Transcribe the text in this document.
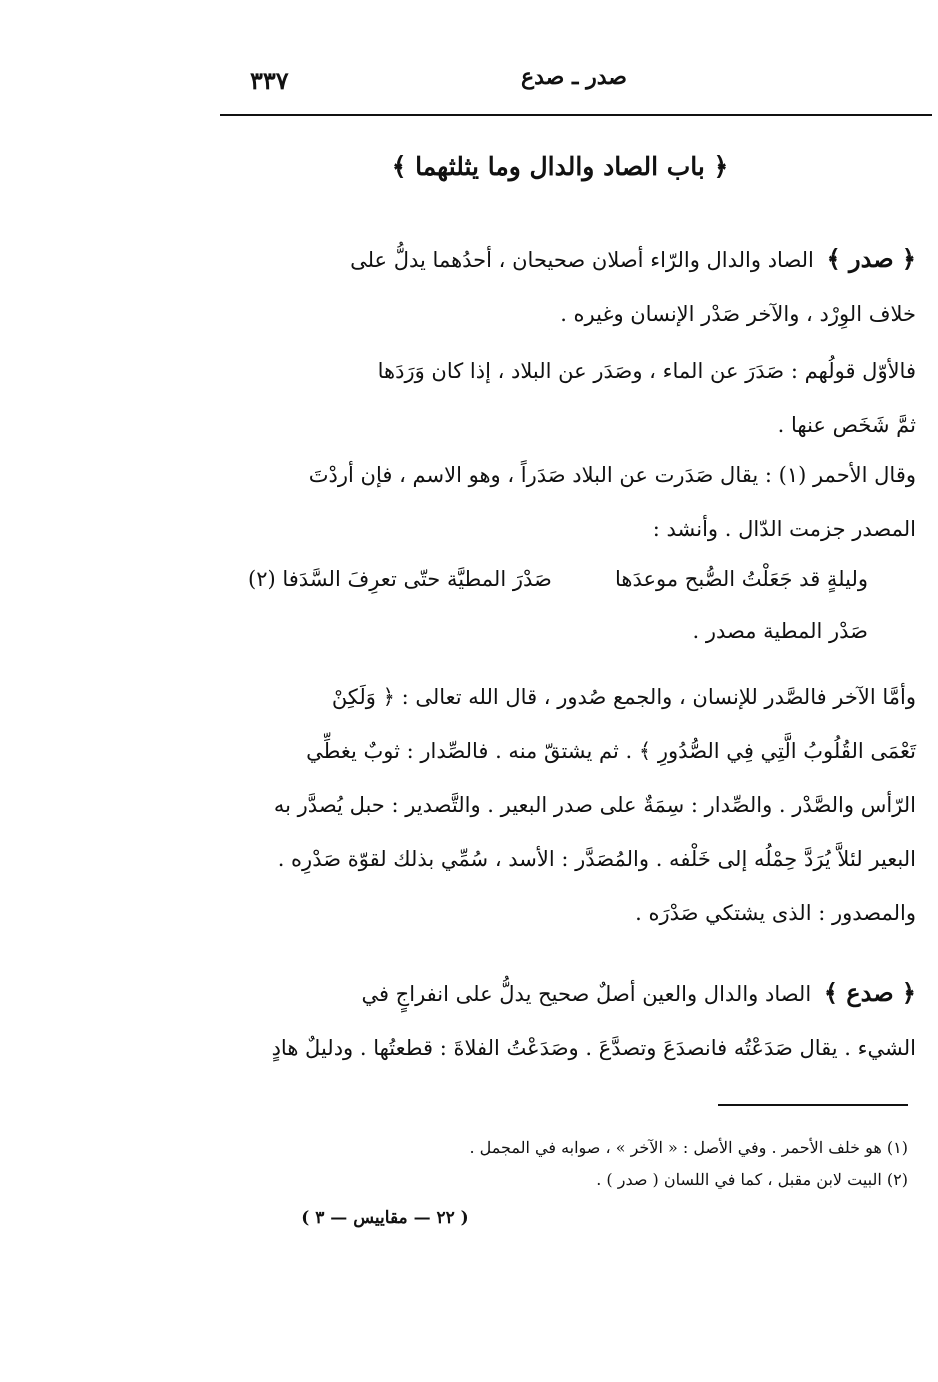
صدر ـ صدع
٣٣٧
﴿ باب الصاد والدال وما يثلثهما ﴾

﴿ صدر ﴾ الصاد والدال والرّاء أصلان صحيحان ، أحدُهما يدلُّ على

خلاف الوِرْد ، والآخر صَدْر الإنسان وغيره .

فالأوّل قولُهم : صَدَرَ عن الماء ، وصَدَر عن البلاد ، إذا كان وَرَدَها

ثمَّ شَخَص عنها .

وقال الأحمر (١) : يقال صَدَرت عن البلاد صَدَراً ، وهو الاسم ، فإن أردْتَ

المصدر جزمت الدّال . وأنشد :

وليلةٍ قد جَعَلْتُ الصُّبح موعدَها
صَدْرَ المطيَّة حتّى تعرِفَ السَّدَفا (٢)

صَدْر المطية مصدر .

وأمَّا الآخر فالصَّدر للإنسان ، والجمع صُدور ، قال الله تعالى : ﴿ وَلَكِنْ

تَعْمَى القُلُوبُ الَّتِي فِي الصُّدُورِ ﴾ . ثم يشتقّ منه . فالصِّدار : ثوبٌ يغطِّي

الرّأس والصَّدْر . والصِّدار : سِمَةٌ على صدر البعير . والتَّصدير : حبل يُصدَّر به

البعير لئلاَّ يُرَدَّ حِمْلُه إلى خَلْفه . والمُصَدَّر : الأسد ، سُمِّي بذلك لقوّة صَدْرِه .

والمصدور : الذى يشتكي صَدْرَه .

﴿ صدع ﴾ الصاد والدال والعين أصلٌ صحيح يدلُّ على انفراجٍ في

الشيء . يقال صَدَعْتُه فانصدَعَ وتصدَّعَ . وصَدَعْتُ الفلاةَ : قطعتُها . ودليلٌ هادٍ

(١) هو خلف الأحمر . وفي الأصل : « الآخر » ، صوابه في المجمل .
(٢) البيت لابن مقبل ، كما في اللسان ( صدر ) .
( ٢٢ — مقاييس — ٣ )
